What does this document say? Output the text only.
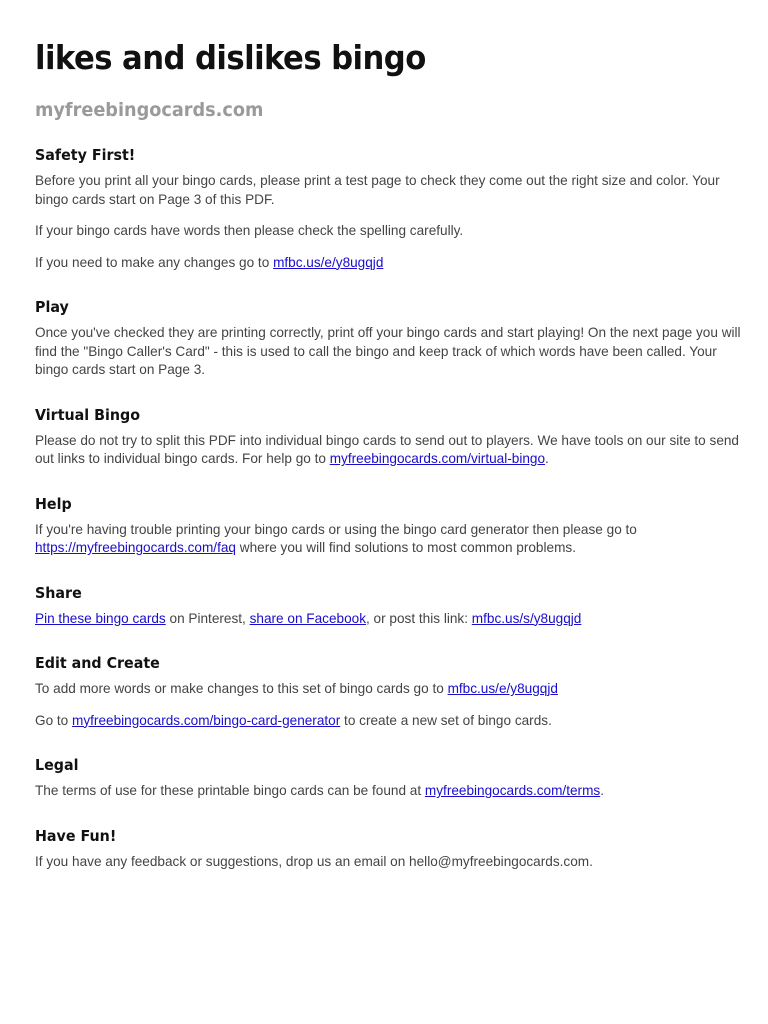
likes and dislikes bingo
myfreebingocards.com
Safety First!

Before you print all your bingo cards, please print a test page to check they come out the right size and color. Your bingo cards start on Page 3 of this PDF.

If your bingo cards have words then please check the spelling carefully.

If you need to make any changes go to mfbc.us/e/y8ugqjd

Play

Once you've checked they are printing correctly, print off your bingo cards and start playing! On the next page you will find the "Bingo Caller's Card" - this is used to call the bingo and keep track of which words have been called. Your bingo cards start on Page 3.

Virtual Bingo

Please do not try to split this PDF into individual bingo cards to send out to players. We have tools on our site to send out links to individual bingo cards. For help go to myfreebingocards.com/virtual-bingo.

Help

If you're having trouble printing your bingo cards or using the bingo card generator then please go to https://myfreebingocards.com/faq where you will find solutions to most common problems.

Share

Pin these bingo cards on Pinterest, share on Facebook, or post this link: mfbc.us/s/y8ugqjd

Edit and Create

To add more words or make changes to this set of bingo cards go to mfbc.us/e/y8ugqjd

Go to myfreebingocards.com/bingo-card-generator to create a new set of bingo cards.

Legal

The terms of use for these printable bingo cards can be found at myfreebingocards.com/terms.

Have Fun!

If you have any feedback or suggestions, drop us an email on hello@myfreebingocards.com.
